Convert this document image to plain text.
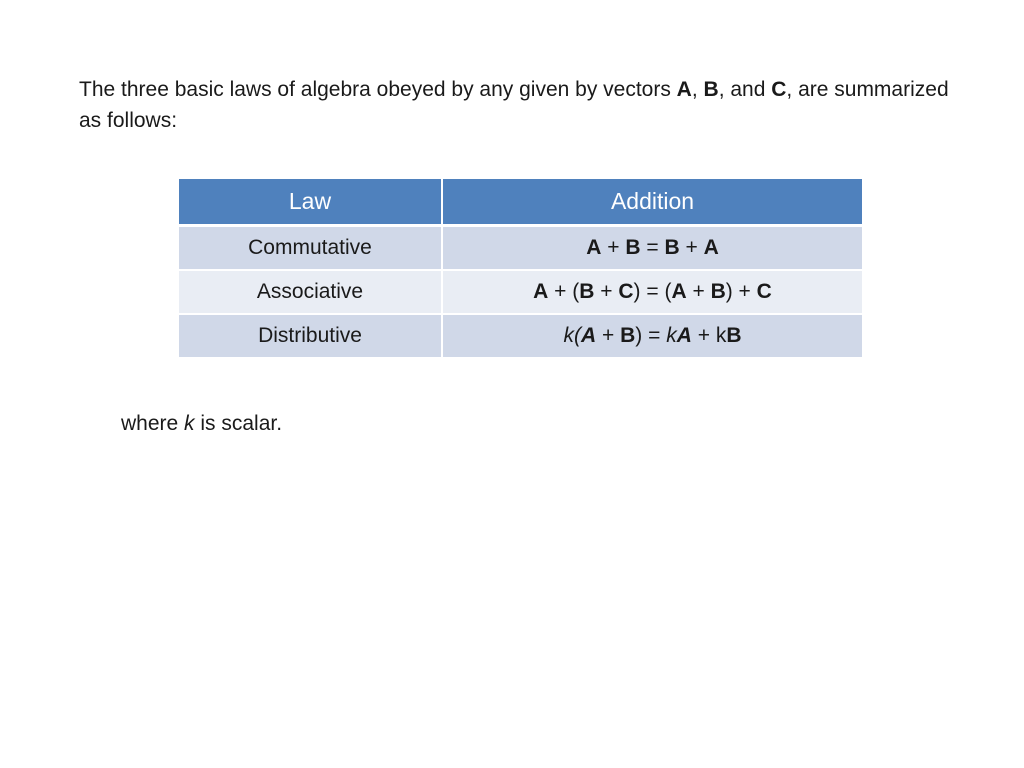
The three basic laws of algebra obeyed by any given by vectors A, B, and C, are summarized as follows:

Law	Addition
Commutative	A + B = B + A
Associative	A + (B + C) = (A + B) + C
Distributive	k(A + B) = kA + kB

where k is scalar.
